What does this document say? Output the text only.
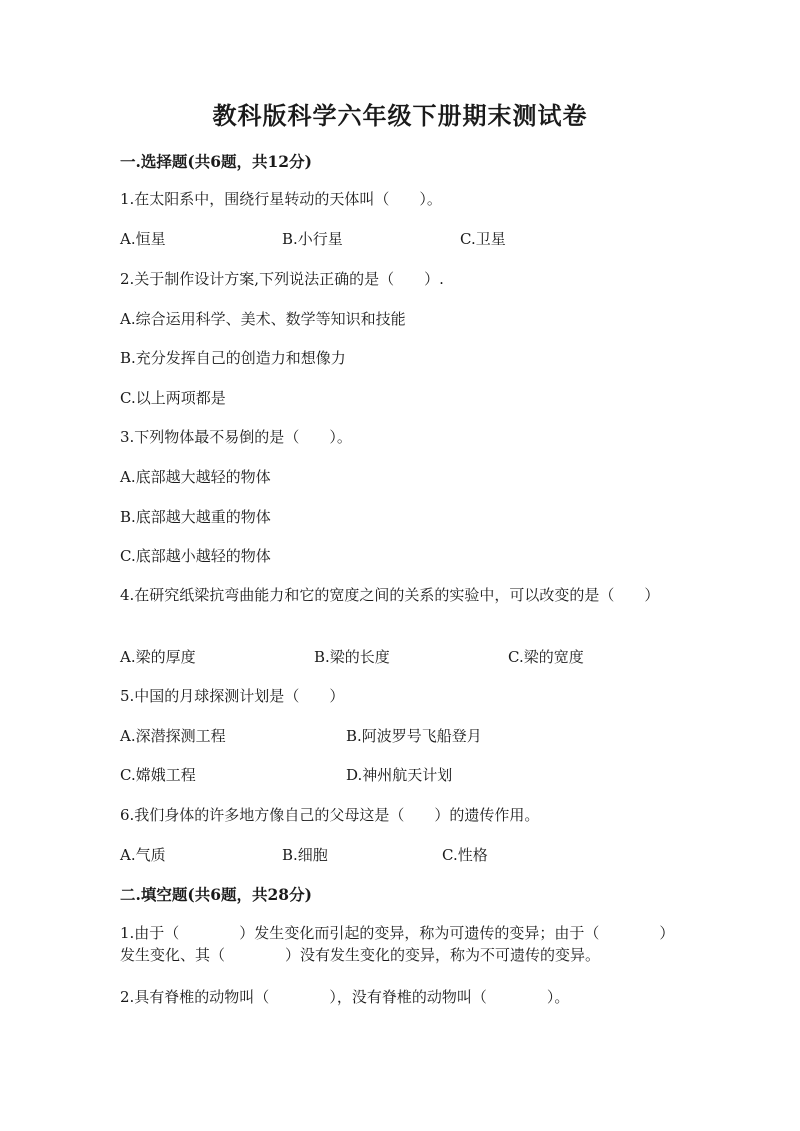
教科版科学六年级下册期末测试卷
一.选择题(共6题，共12分)
1.在太阳系中，围绕行星转动的天体叫（　　）。
A.恒星	B.小行星	C.卫星
2.关于制作设计方案,下列说法正确的是（　　）.
A.综合运用科学、美术、数学等知识和技能
B.充分发挥自己的创造力和想像力
C.以上两项都是
3.下列物体最不易倒的是（　　）。
A.底部越大越轻的物体
B.底部越大越重的物体
C.底部越小越轻的物体
4.在研究纸梁抗弯曲能力和它的宽度之间的关系的实验中，可以改变的是（　　）
A.梁的厚度	B.梁的长度	C.梁的宽度
5.中国的月球探测计划是（　　）
A.深潜探测工程	B.阿波罗号飞船登月
C.嫦娥工程	D.神州航天计划
6.我们身体的许多地方像自己的父母这是（　　）的遗传作用。
A.气质	B.细胞	C.性格
二.填空题(共6题，共28分)
1.由于（　　　　）发生变化而引起的变异，称为可遗传的变异；由于（　　　　）发生变化、其（　　　　）没有发生变化的变异，称为不可遗传的变异。
2.具有脊椎的动物叫（　　　　），没有脊椎的动物叫（　　　　）。
